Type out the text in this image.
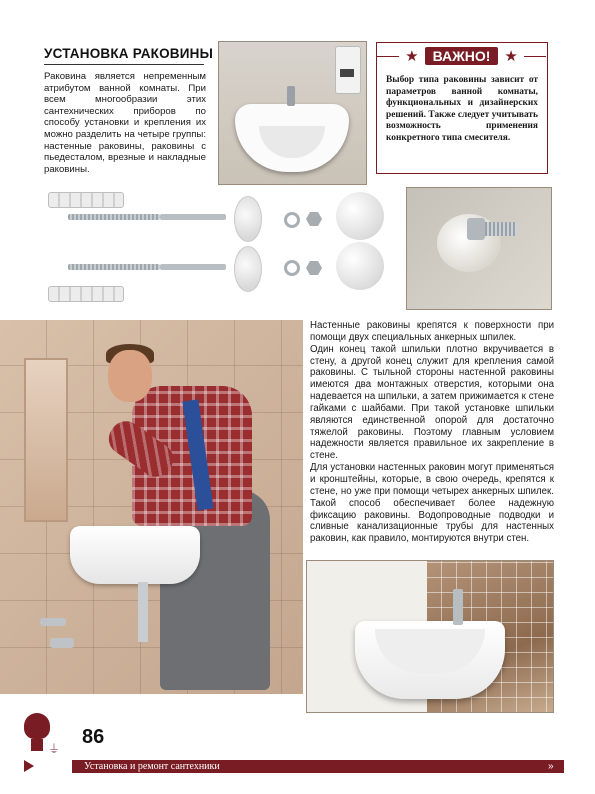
УСТАНОВКА РАКОВИНЫ
Раковина является непременным атрибутом ванной комнаты. При всем многообразии этих сантехнических приборов по способу установки и крепления их можно разделить на четыре группы: настенные раковины, раковины с пьедесталом, врезные и накладные раковины.
★	ВАЖНО! ★
Выбор типа раковины зависит от параметров ванной комнаты, функциональных и дизайнерских решений. Также следует учитывать возможность применения конкретного типа смесителя.

Настенные раковины крепятся к поверхности при помощи двух специальных анкерных шпилек.

Один конец такой шпильки плотно вкручивается в стену, а другой конец служит для крепления самой раковины. С тыльной стороны настенной раковины имеются два монтажных отверстия, которыми она надевается на шпильки, а затем прижимается к стене гайками с шайбами. При такой установке шпильки являются единственной опорой для достаточно тяжелой раковины. Поэтому главным условием надежности является правильное их закрепление в стене.

Для установки настенных раковин могут применяться и кронштейны, которые, в свою очередь, крепятся к стене, но уже при помощи четырех анкерных шпилек. Такой способ обеспечивает более надежную фиксацию раковины. Водопроводные подводки и сливные канализационные трубы для настенных раковин, как правило, монтируются внутри стен.

⏚
86
Установка и ремонт сантехники	»
